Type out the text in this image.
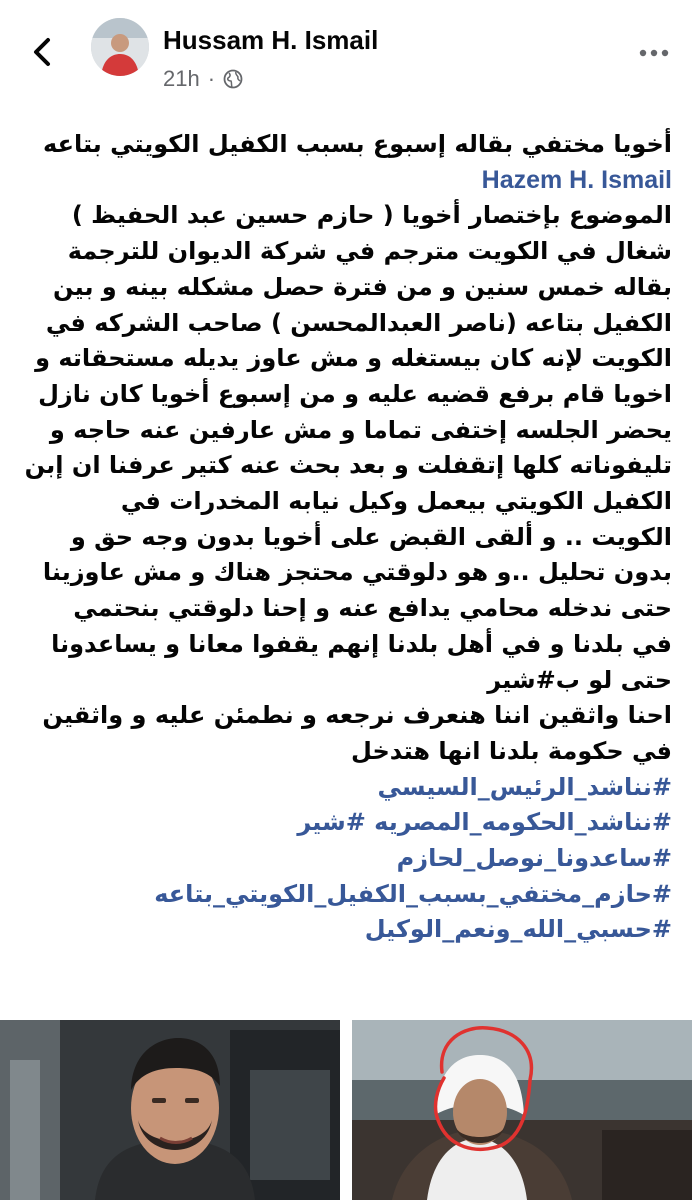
Hussam H. Ismail
21h ·

أخويا مختفي بقاله إسبوع بسبب الكفيل الكويتي بتاعه

Hazem H. Ismail

الموضوع بإختصار أخويا ( حازم حسين عبد الحفيظ )

شغال في الكويت مترجم في شركة الديوان للترجمة

بقاله خمس سنين و من فترة حصل مشكله بينه و بين

الكفيل بتاعه (ناصر العبدالمحسن ) صاحب الشركه في

الكويت لإنه كان بيستغله و مش عاوز يديله مستحقاته و

اخويا قام برفع قضيه عليه و من إسبوع أخويا كان نازل

يحضر الجلسه إختفى تماما و مش عارفين عنه حاجه و

تليفوناته كلها إتقفلت و بعد بحث عنه كتير عرفنا ان إبن

الكفيل الكويتي بيعمل وكيل نيابه المخدرات في

الكويت .. و ألقى القبض على أخويا بدون وجه حق و

بدون تحليل ..و هو دلوقتي محتجز هناك و مش عاوزينا

حتى ندخله محامي يدافع عنه و إحنا دلوقتي بنحتمي

في بلدنا و في أهل بلدنا إنهم يقفوا معانا و يساعدونا

حتى لو ب#شير

احنا واثقين اننا هنعرف نرجعه و نطمئن عليه و واثقين

في حكومة بلدنا انها هتدخل

#نناشد_الرئيس_السيسي

#نناشد_الحكومه_المصريه #شير

#ساعدونا_نوصل_لحازم

#حازم_مختفي_بسبب_الكفيل_الكويتي_بتاعه

#حسبي_الله_ونعم_الوكيل
